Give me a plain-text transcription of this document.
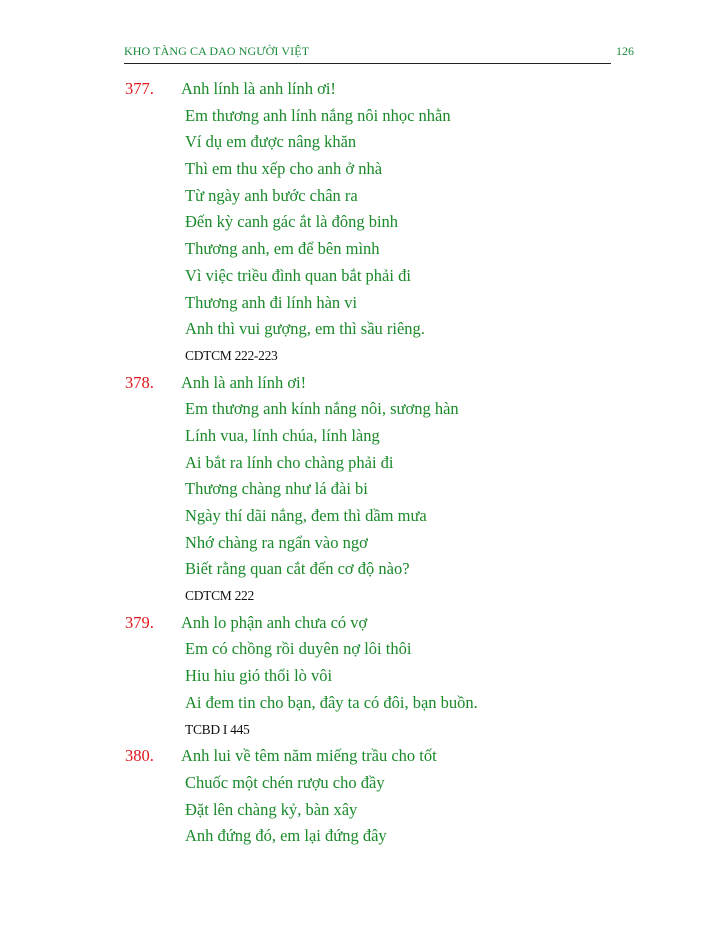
KHO TÀNG CA DAO NGƯỜI VIỆT	126
377. Anh lính là anh lính ơi!
Em thương anh lính nắng nôi nhọc nhằn
Ví dụ em được nâng khăn
Thì em thu xếp cho anh ở nhà
Từ ngày anh bước chân ra
Đến kỳ canh gác ắt là đông binh
Thương anh, em để bên mình
Vì việc triều đình quan bắt phải đi
Thương anh đi lính hàn vi
Anh thì vui gượng, em thì sầu riêng.
CDTCM 222-223
378. Anh là anh lính ơi!
Em thương anh kính nắng nôi, sương hàn
Lính vua, lính chúa, lính làng
Ai bắt ra lính cho chàng phải đi
Thương chàng như lá đài bi
Ngày thí dãi nắng, đem thì dầm mưa
Nhớ chàng ra ngẩn vào ngơ
Biết rằng quan cắt đến cơ độ nào?
CDTCM 222
379. Anh lo phận anh chưa có vợ
Em có chồng rồi duyên nợ lôi thôi
Hiu hiu gió thổi lò vôi
Ai đem tin cho bạn, đây ta có đôi, bạn buồn.
TCBD I 445
380. Anh lui về têm năm miếng trầu cho tốt
Chuốc một chén rượu cho đầy
Đặt lên chàng kỷ, bàn xây
Anh đứng đó, em lại đứng đây
